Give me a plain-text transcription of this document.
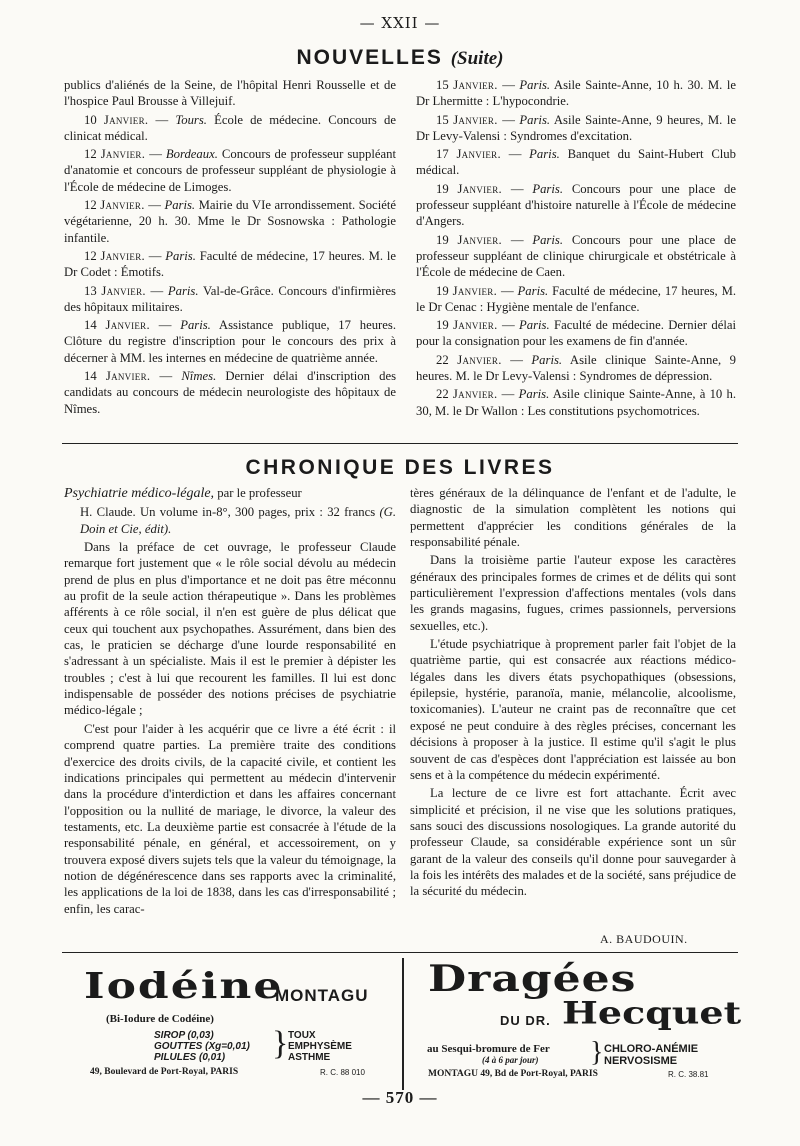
— XXII —
NOUVELLES (Suite)

publics d'aliénés de la Seine, de l'hôpital Henri Rousselle et de l'hospice Paul Brousse à Villejuif.

10 Janvier. — Tours. École de médecine. Concours de clinicat médical.

12 Janvier. — Bordeaux. Concours de professeur suppléant d'anatomie et concours de professeur suppléant de physiologie à l'École de médecine de Limoges.

12 Janvier. — Paris. Mairie du VIe arrondissement. Société végétarienne, 20 h. 30. Mme le Dr Sosnowska : Pathologie infantile.

12 Janvier. — Paris. Faculté de médecine, 17 heures. M. le Dr Codet : Émotifs.

13 Janvier. — Paris. Val-de-Grâce. Concours d'infirmières des hôpitaux militaires.

14 Janvier. — Paris. Assistance publique, 17 heures. Clôture du registre d'inscription pour le concours des prix à décerner à MM. les internes en médecine de quatrième année.

14 Janvier. — Nîmes. Dernier délai d'inscription des candidats au concours de médecin neurologiste des hôpitaux de Nîmes.

15 Janvier. — Paris. Asile Sainte-Anne, 10 h. 30. M. le Dr Lhermitte : L'hypocondrie.

15 Janvier. — Paris. Asile Sainte-Anne, 9 heures, M. le Dr Levy-Valensi : Syndromes d'excitation.

17 Janvier. — Paris. Banquet du Saint-Hubert Club médical.

19 Janvier. — Paris. Concours pour une place de professeur suppléant d'histoire naturelle à l'École de médecine d'Angers.

19 Janvier. — Paris. Concours pour une place de professeur suppléant de clinique chirurgicale et obstétricale à l'École de médecine de Caen.

19 Janvier. — Paris. Faculté de médecine, 17 heures, M. le Dr Cenac : Hygiène mentale de l'enfance.

19 Janvier. — Paris. Faculté de médecine. Dernier délai pour la consignation pour les examens de fin d'année.

22 Janvier. — Paris. Asile clinique Sainte-Anne, 9 heures. M. le Dr Levy-Valensi : Syndromes de dépression.

22 Janvier. — Paris. Asile clinique Sainte-Anne, à 10 h. 30, M. le Dr Wallon : Les constitutions psychomotrices.

CHRONIQUE DES LIVRES

Psychiatrie médico-légale, par le professeur

H. Claude. Un volume in-8°, 300 pages, prix : 32 francs (G. Doin et Cie, édit).

Dans la préface de cet ouvrage, le professeur Claude remarque fort justement que « le rôle social dévolu au médecin prend de plus en plus d'importance et ne doit pas être méconnu au profit de la seule action thérapeutique ». Dans les problèmes afférents à ce rôle social, il n'en est guère de plus délicat que ceux qui touchent aux psychopathes. Assurément, dans bien des cas, le praticien se décharge d'une lourde responsabilité en s'adressant à un spécialiste. Mais il est le premier à dépister les troubles ; c'est à lui que recourent les familles. Il lui est donc indispensable de posséder des notions précises de psychiatrie médico-légale ;

C'est pour l'aider à les acquérir que ce livre a été écrit : il comprend quatre parties. La première traite des conditions d'exercice des droits civils, de la capacité civile, et contient les indications principales qui permettent au médecin d'intervenir dans la procédure d'interdiction et dans les affaires concernant l'opposition ou la nullité de mariage, le divorce, la valeur des testaments, etc. La deuxième partie est consacrée à l'étude de la responsabilité pénale, en général, et accessoirement, on y trouvera exposé divers sujets tels que la valeur du témoignage, la notion de dégénérescence dans ses rapports avec la criminalité, les applications de la loi de 1838, dans les cas d'irresponsabilité ; enfin, les carac-

tères généraux de la délinquance de l'enfant et de l'adulte, le diagnostic de la simulation complètent les notions qui permettent d'apprécier les conditions générales de la responsabilité pénale.

Dans la troisième partie l'auteur expose les caractères généraux des principales formes de crimes et de délits qui sont particulièrement l'expression d'affections mentales (vols dans les grands magasins, fugues, crimes passionnels, perversions sexuelles, etc.).

L'étude psychiatrique à proprement parler fait l'objet de la quatrième partie, qui est consacrée aux réactions médico-légales dans les divers états psychopathiques (obsessions, épilepsie, hystérie, paranoïa, manie, mélancolie, alcoolisme, toxicomanies). L'auteur ne craint pas de reconnaître que cet exposé ne peut conduire à des règles précises, concernant les décisions à proposer à la justice. Il estime qu'il s'agit le plus souvent de cas d'espèces dont l'appréciation est laissée au bon sens et à la compétence du médecin expérimenté.

La lecture de ce livre est fort attachante. Écrit avec simplicité et précision, il ne vise que les solutions pratiques, sans souci des discussions nosologiques. La grande autorité du professeur Claude, sa considérable expérience sont un sûr garant de la valeur des conseils qu'il donne pour sauvegarder à la fois les intérêts des malades et de la société, sans préjudice de la sécurité du médecin.

A. BAUDOUIN.
Iodéine
MONTAGU
(Bi-Iodure de Codéine)
SIROP (0,03)
GOUTTES (Xg=0,01)
PILULES (0,01)	} TOUX
EMPHYSÈME
ASTHME
49, Boulevard de Port-Royal, PARIS	R. C. 88 010
Dragées
DU DR. Hecquet
au Sesqui-bromure de Fer
(4 à 6 par jour) } CHLORO-ANÉMIE
NERVOSISME
MONTAGU 49, Bd de Port-Royal, PARIS	R. C. 38.81
— 570 —
